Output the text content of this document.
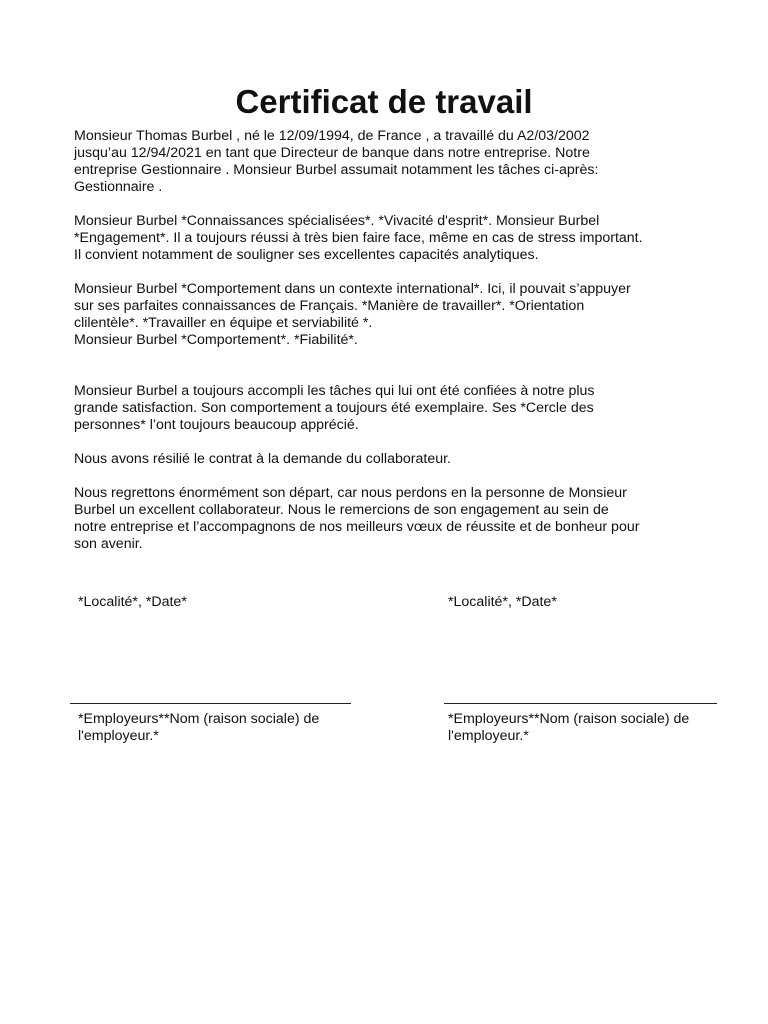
Certificat de travail

Monsieur Thomas Burbel , né le 12/09/1994, de France , a travaillé du A2/03/2002
jusqu’au 12/94/2021 en tant que Directeur de banque dans notre entreprise. Notre
entreprise Gestionnaire . Monsieur Burbel assumait notamment les tâches ci-après:
Gestionnaire .

Monsieur Burbel *Connaissances spécialisées*. *Vivacité d'esprit*. Monsieur Burbel
*Engagement*. Il a toujours réussi à très bien faire face, même en cas de stress important.
Il convient notamment de souligner ses excellentes capacités analytiques.

Monsieur Burbel *Comportement dans un contexte international*. Ici, il pouvait s’appuyer
sur ses parfaites connaissances de Français. *Manière de travailler*. *Orientation
clilentèle*. *Travailler en équipe et serviabilité *.
Monsieur Burbel *Comportement*. *Fiabilité*.

Monsieur Burbel a toujours accompli les tâches qui lui ont été confiées à notre plus
grande satisfaction. Son comportement a toujours été exemplaire. Ses *Cercle des
personnes* l’ont toujours beaucoup apprécié.

Nous avons résilié le contrat à la demande du collaborateur.

Nous regrettons énormément son départ, car nous perdons en la personne de Monsieur
Burbel un excellent collaborateur. Nous le remercions de son engagement au sein de
notre entreprise et l’accompagnons de nos meilleurs vœux de réussite et de bonheur pour
son avenir.

*Localité*, *Date*	*Localité*, *Date*

*Employeurs**Nom (raison sociale) de
l'employeur.*

*Employeurs**Nom (raison sociale) de
l'employeur.*
